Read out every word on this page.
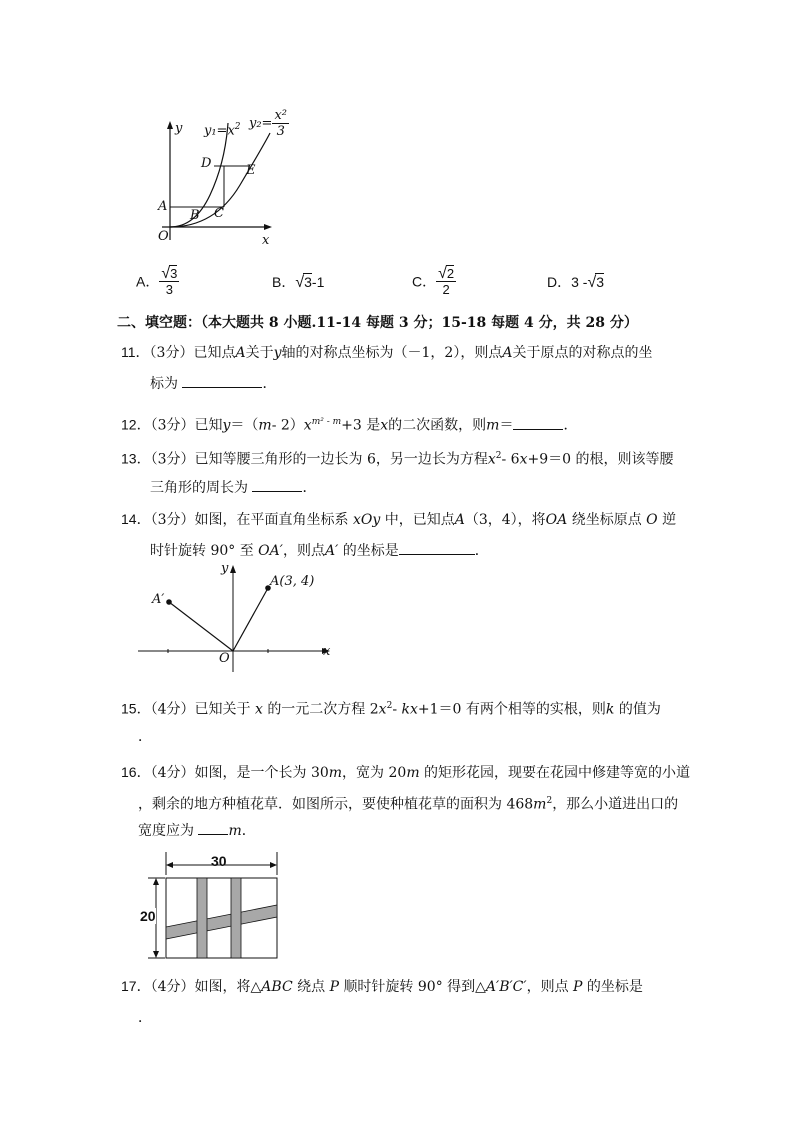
y
x
O
$y_1=x^2$ $y_2= \frac{\text{x²}}{3}$
A
B C
D	E
A． $\frac{√3}{3}$	B．√3-1	C． $\frac{√2}{2}$	D．3 -√3
二、填空题：（本大题共 8 小题.11-14 每题 3 分；15-18 每题 4 分，共 28 分）
11．（3分）已知点A关于y轴的对称点坐标为（－1，2），则点A关于原点的对称点的坐
标为	．
12．（3分）已知y＝（m- $2)x^{m^2 - m}+3$ 是x的二次函数，则m＝	．
13．（3分）已知等腰三角形的一边长为 6，另一边长为方程$x^2-$ 6x+9＝0 的根，则该等腰
三角形的周长为	．
14．（3分）如图，在平面直角坐标系 xOy 中，已知点A（3，4），将OA 绕坐标原点 O 逆
时针旋转 90° 至 OA′，则点A′ 的坐标是	．
y
x
O
A(3, 4)
A′
15．（4分）已知关于 x 的一元二次方程 $2x^2-$ kx+1＝0 有两个相等的实根，则k 的值为
．
16．（4分）如图，是一个长为 30m，宽为 20m 的矩形花园，现要在花园中修建等宽的小道
，剩余的地方种植花草．如图所示，要使种植花草的面积为 $468m^2$，那么小道进出口的
宽度应为 m．
30
20
17．（4分）如图，将△ABC 绕点 P 顺时针旋转 90° 得到△A′B′C′，则点 P 的坐标是
．
